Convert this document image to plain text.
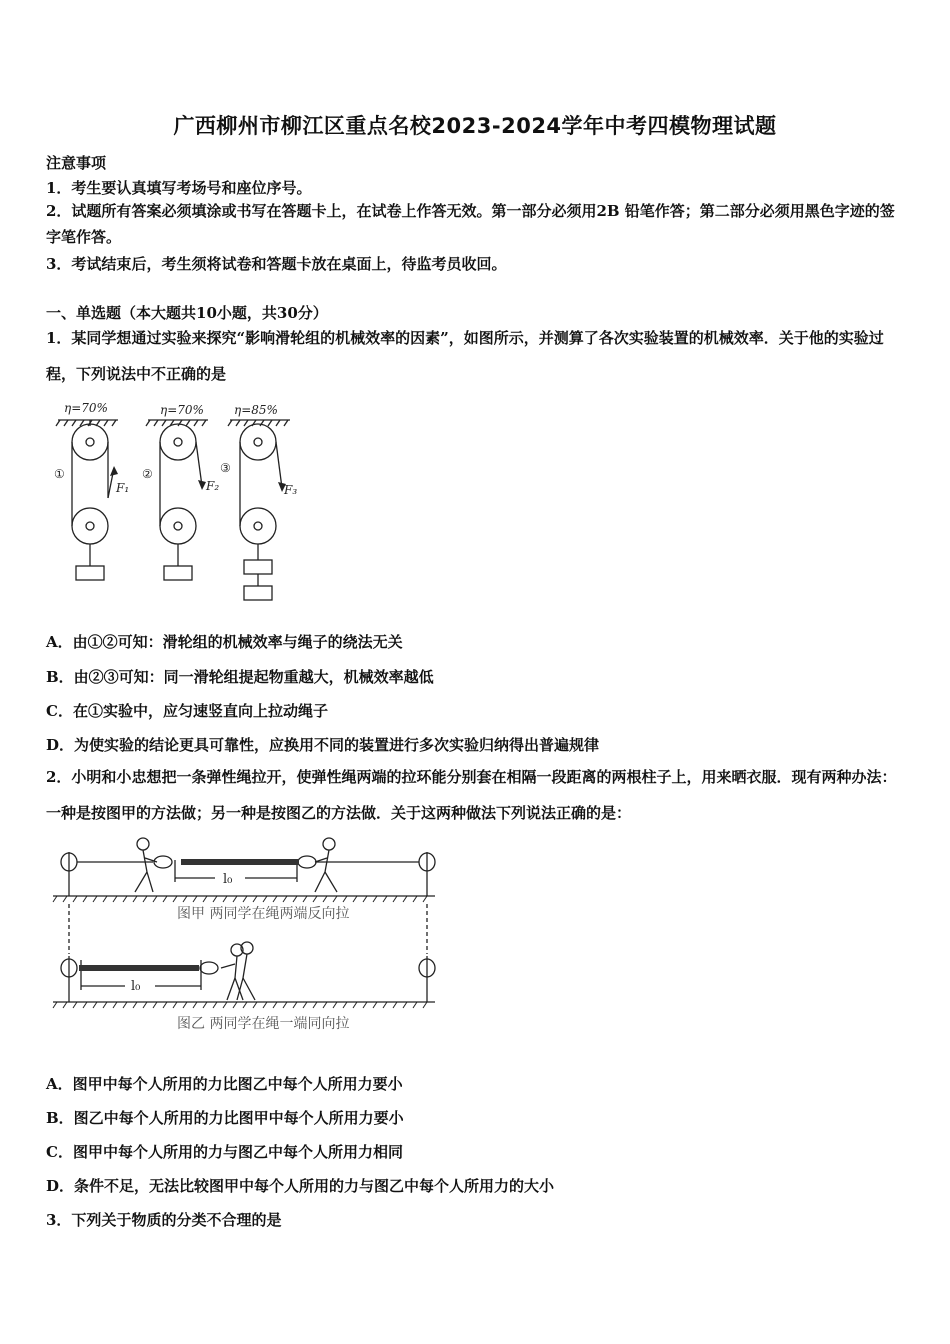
广西柳州市柳江区重点名校2023-2024学年中考四模物理试题
注意事项
1．考生要认真填写考场号和座位序号。
2．试题所有答案必须填涂或书写在答题卡上，在试卷上作答无效。第一部分必须用2B 铅笔作答；第二部分必须用黑色字迹的签字笔作答。
3．考试结束后，考生须将试卷和答题卡放在桌面上，待监考员收回。
一、单选题（本大题共10小题，共30分）
1．某同学想通过实验来探究“影响滑轮组的机械效率的因素”，如图所示，并测算了各次实验装置的机械效率．关于他的实验过程，下列说法中不正确的是
η=70%	η=70%	η=85%
①	②	③
F₁	F₂	F₃
A．由①②可知：滑轮组的机械效率与绳子的绕法无关
B．由②③可知：同一滑轮组提起物重越大，机械效率越低
C．在①实验中，应匀速竖直向上拉动绳子
D．为使实验的结论更具可靠性，应换用不同的装置进行多次实验归纳得出普遍规律
2．小明和小忠想把一条弹性绳拉开，使弹性绳两端的拉环能分别套在相隔一段距离的两根柱子上，用来晒衣服．现有两种办法：一种是按图甲的方法做；另一种是按图乙的方法做．关于这两种做法下列说法正确的是：
l₀
l₀
图甲 两同学在绳两端反向拉
图乙 两同学在绳一端同向拉
A．图甲中每个人所用的力比图乙中每个人所用力要小
B．图乙中每个人所用的力比图甲中每个人所用力要小
C．图甲中每个人所用的力与图乙中每个人所用力相同
D．条件不足，无法比较图甲中每个人所用的力与图乙中每个人所用力的大小
3．下列关于物质的分类不合理的是
